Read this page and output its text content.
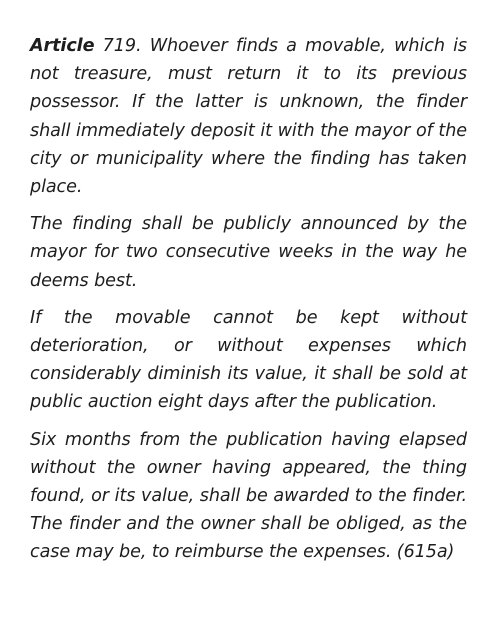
Article 719. Whoever finds a movable, which is not treasure, must return it to its previous possessor. If the latter is unknown, the finder shall immediately deposit it with the mayor of the city or municipality where the finding has taken place.

The finding shall be publicly announced by the mayor for two consecutive weeks in the way he deems best.

If the movable cannot be kept without deterioration, or without expenses which considerably diminish its value, it shall be sold at public auction eight days after the publication.

Six months from the publication having elapsed without the owner having appeared, the thing found, or its value, shall be awarded to the finder. The finder and the owner shall be obliged, as the case may be, to reimburse the expenses. (615a)
